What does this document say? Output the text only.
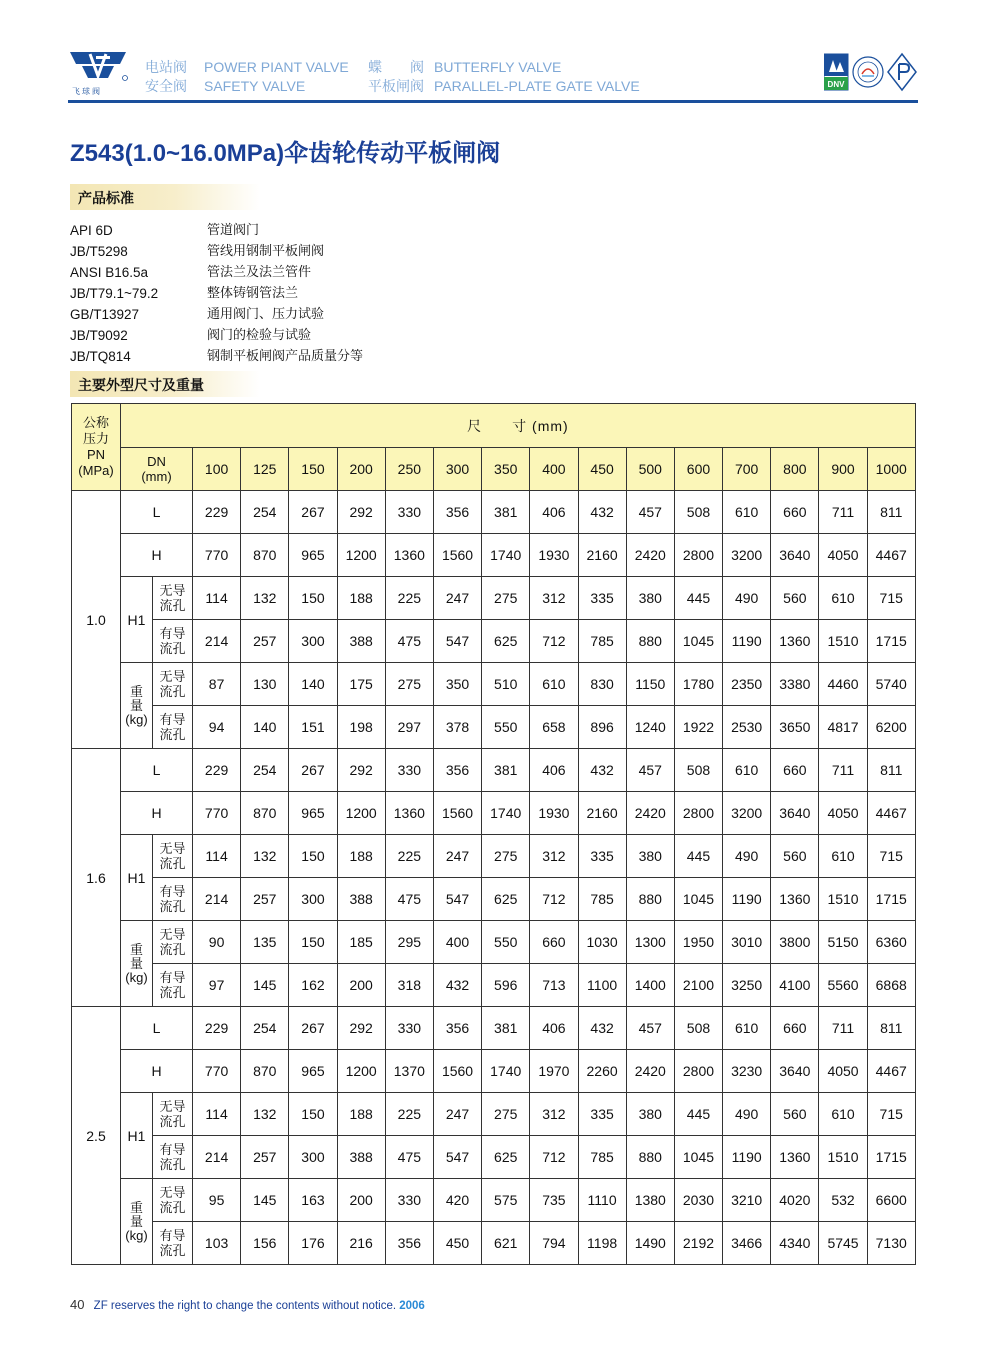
飞球阀
电站阀
安全阀
POWER PIANT VALVE
SAFETY VALVE
蝶　　阀
平板闸阀
BUTTERFLY VALVE
PARALLEL-PLATE GATE VALVE	DNV
Z543(1.0~16.0MPa)伞齿轮传动平板闸阀
产品标准
API 6D	管道阀门
JB/T5298	管线用钢制平板闸阀
ANSI B16.5a	管法兰及法兰管件
JB/T79.1~79.2	整体铸钢管法兰
GB/T13927	通用阀门、压力试验
JB/T9092	阀门的检验与试验
JB/TQ814	钢制平板闸阀产品质量分等
主要外型尺寸及重量
公称
压力
PN
(MPa)	尺　　寸 (mm)																
	DN
(mm)		100	125	150	200	250	300	350	400	450	500	600	700	800	900	1000
1.0	L		229	254	267	292	330	356	381	406	432	457	508	610	660	711	811
	H		770	870	965	1200	1360	1560	1740	1930	2160	2420	2800	3200	3640	4050	4467
	H1	无导
流孔	114	132	150	188	225	247	275	312	335	380	445	490	560	610	715
		有导
流孔	214	257	300	388	475	547	625	712	785	880	1045	1190	1360	1510	1715
	重
量
(kg)	无导
流孔	87	130	140	175	275	350	510	610	830	1150	1780	2350	3380	4460	5740
		有导
流孔	94	140	151	198	297	378	550	658	896	1240	1922	2530	3650	4817	6200
1.6	L		229	254	267	292	330	356	381	406	432	457	508	610	660	711	811
	H		770	870	965	1200	1360	1560	1740	1930	2160	2420	2800	3200	3640	4050	4467
	H1	无导
流孔	114	132	150	188	225	247	275	312	335	380	445	490	560	610	715
		有导
流孔	214	257	300	388	475	547	625	712	785	880	1045	1190	1360	1510	1715
	重
量
(kg)	无导
流孔	90	135	150	185	295	400	550	660	1030	1300	1950	3010	3800	5150	6360
		有导
流孔	97	145	162	200	318	432	596	713	1100	1400	2100	3250	4100	5560	6868
2.5	L		229	254	267	292	330	356	381	406	432	457	508	610	660	711	811
	H		770	870	965	1200	1370	1560	1740	1970	2260	2420	2800	3230	3640	4050	4467
	H1	无导
流孔	114	132	150	188	225	247	275	312	335	380	445	490	560	610	715
		有导
流孔	214	257	300	388	475	547	625	712	785	880	1045	1190	1360	1510	1715
	重
量
(kg)	无导
流孔	95	145	163	200	330	420	575	735	1110	1380	2030	3210	4020	532	6600
		有导
流孔	103	156	176	216	356	450	621	794	1198	1490	2192	3466	4340	5745	7130
40 ZF reserves the right to change the contents without notice. 2006
